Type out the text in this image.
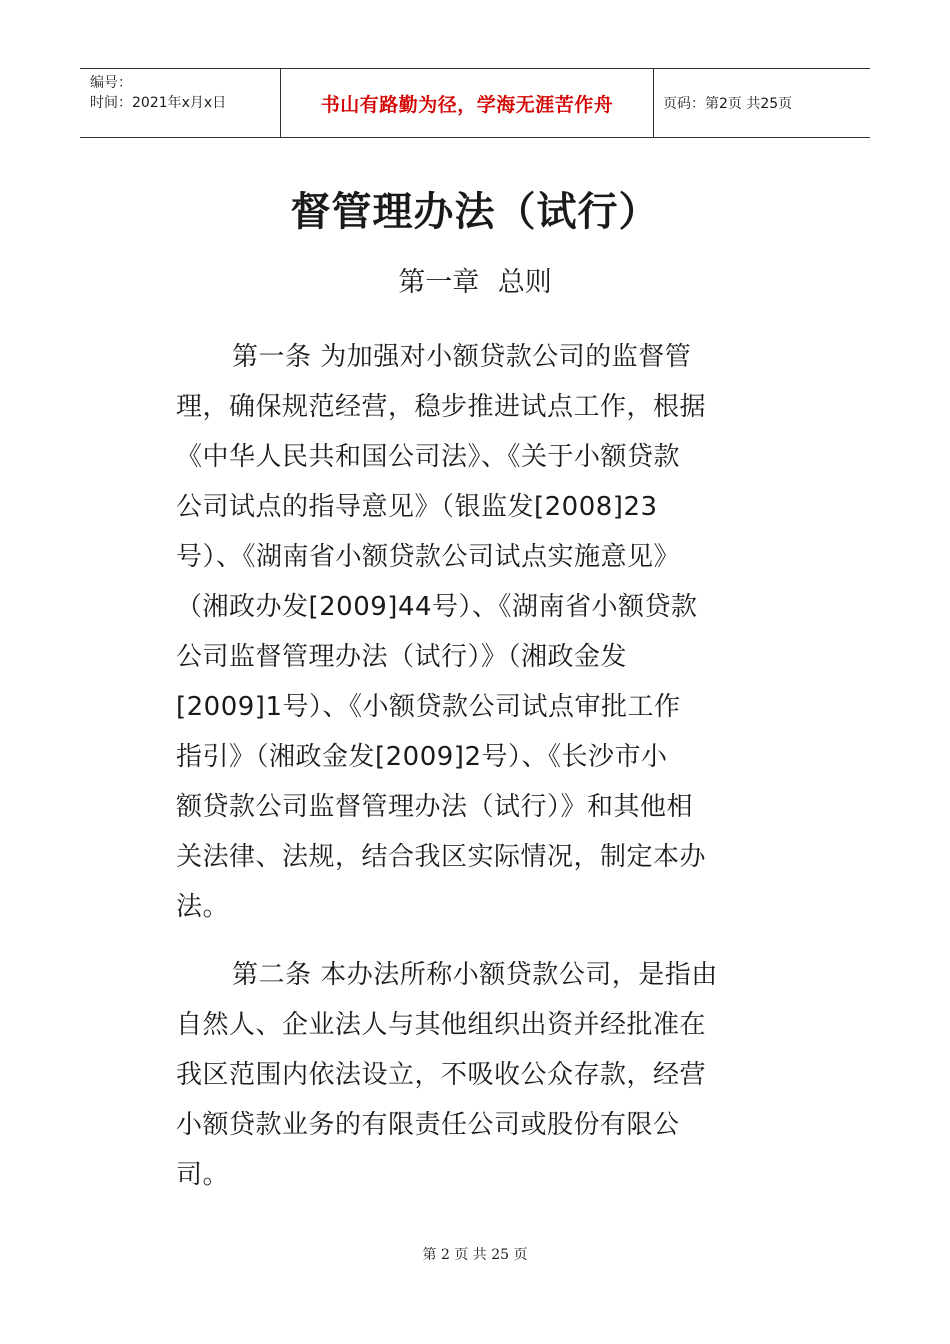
编号：
时间：2021年x月x日	书山有路勤为径，学海无涯苦作舟	页码：第2页 共25页
督管理办法（试行）
第一章 总则
第一条 为加强对小额贷款公司的监督管
理，确保规范经营，稳步推进试点工作，根据
《中华人民共和国公司法》、《关于小额贷款
公司试点的指导意见》（银监发[2008]23
号）、《湖南省小额贷款公司试点实施意见》
（湘政办发[2009]44号）、《湖南省小额贷款
公司监督管理办法（试行）》（湘政金发
[2009]1号）、《小额贷款公司试点审批工作
指引》（湘政金发[2009]2号）、《长沙市小
额贷款公司监督管理办法（试行）》和其他相
关法律、法规，结合我区实际情况，制定本办
法。
第二条 本办法所称小额贷款公司，是指由
自然人、企业法人与其他组织出资并经批准在
我区范围内依法设立，不吸收公众存款，经营
小额贷款业务的有限责任公司或股份有限公
司。
第 2 页 共 25 页
